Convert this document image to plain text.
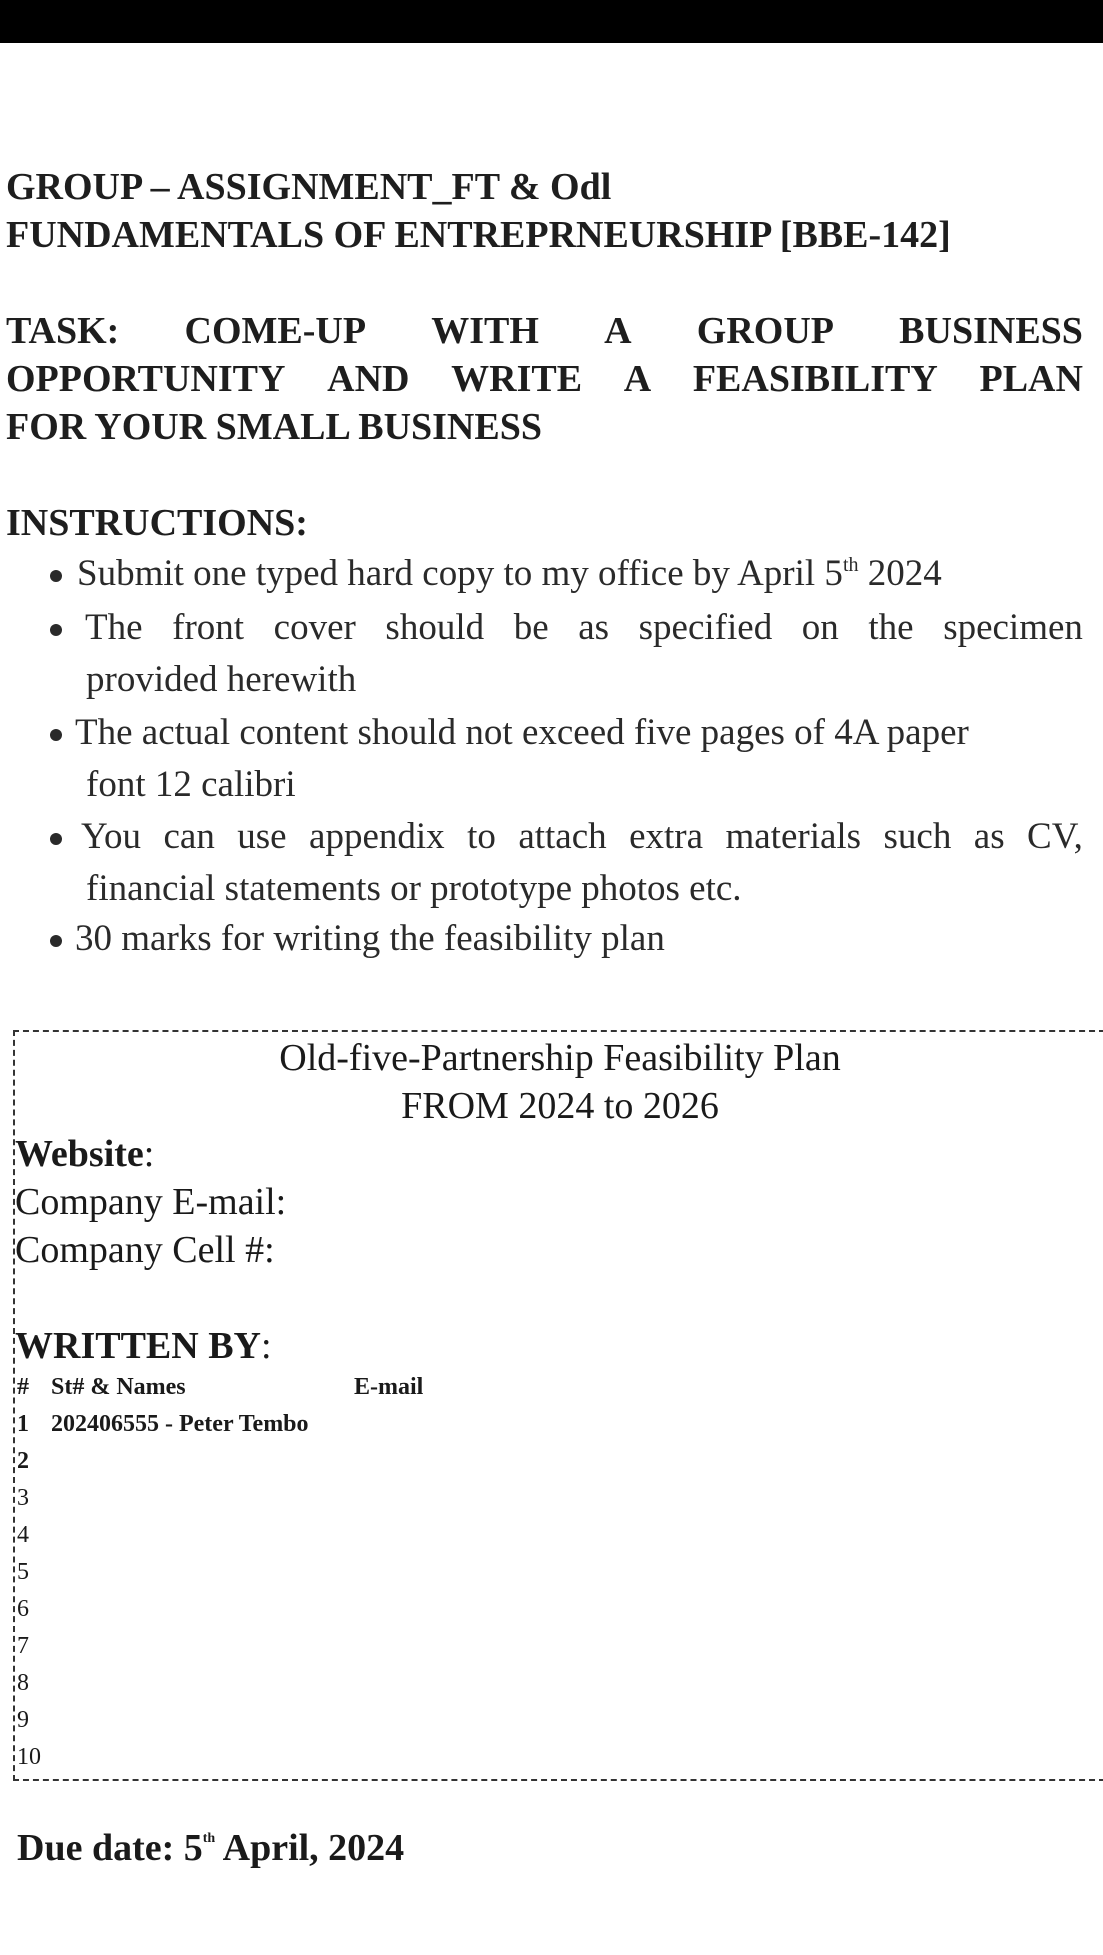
GROUP – ASSIGNMENT_FT & Odl
FUNDAMENTALS OF ENTREPRNEURSHIP [BBE-142]
TASK: COME-UP WITH A GROUP BUSINESS
OPPORTUNITY AND WRITE A FEASIBILITY PLAN
FOR YOUR SMALL BUSINESS
INSTRUCTIONS:
Submit one typed hard copy to my office by April 5th 2024
The front cover should be as specified on the specimen
provided herewith
The actual content should not exceed five pages of 4A paper
font 12 calibri
You can use appendix to attach extra materials such as CV,
financial statements or prototype photos etc.
30 marks for writing the feasibility plan
Old-five-Partnership Feasibility Plan
FROM 2024 to 2026
Website:
Company E-mail:
Company Cell #:
WRITTEN BY:
# St# & Names	E-mail
1 202406555 - Peter Tembo
2
3
4
5
6
7
8
9
10
Due date: 5th April, 2024
